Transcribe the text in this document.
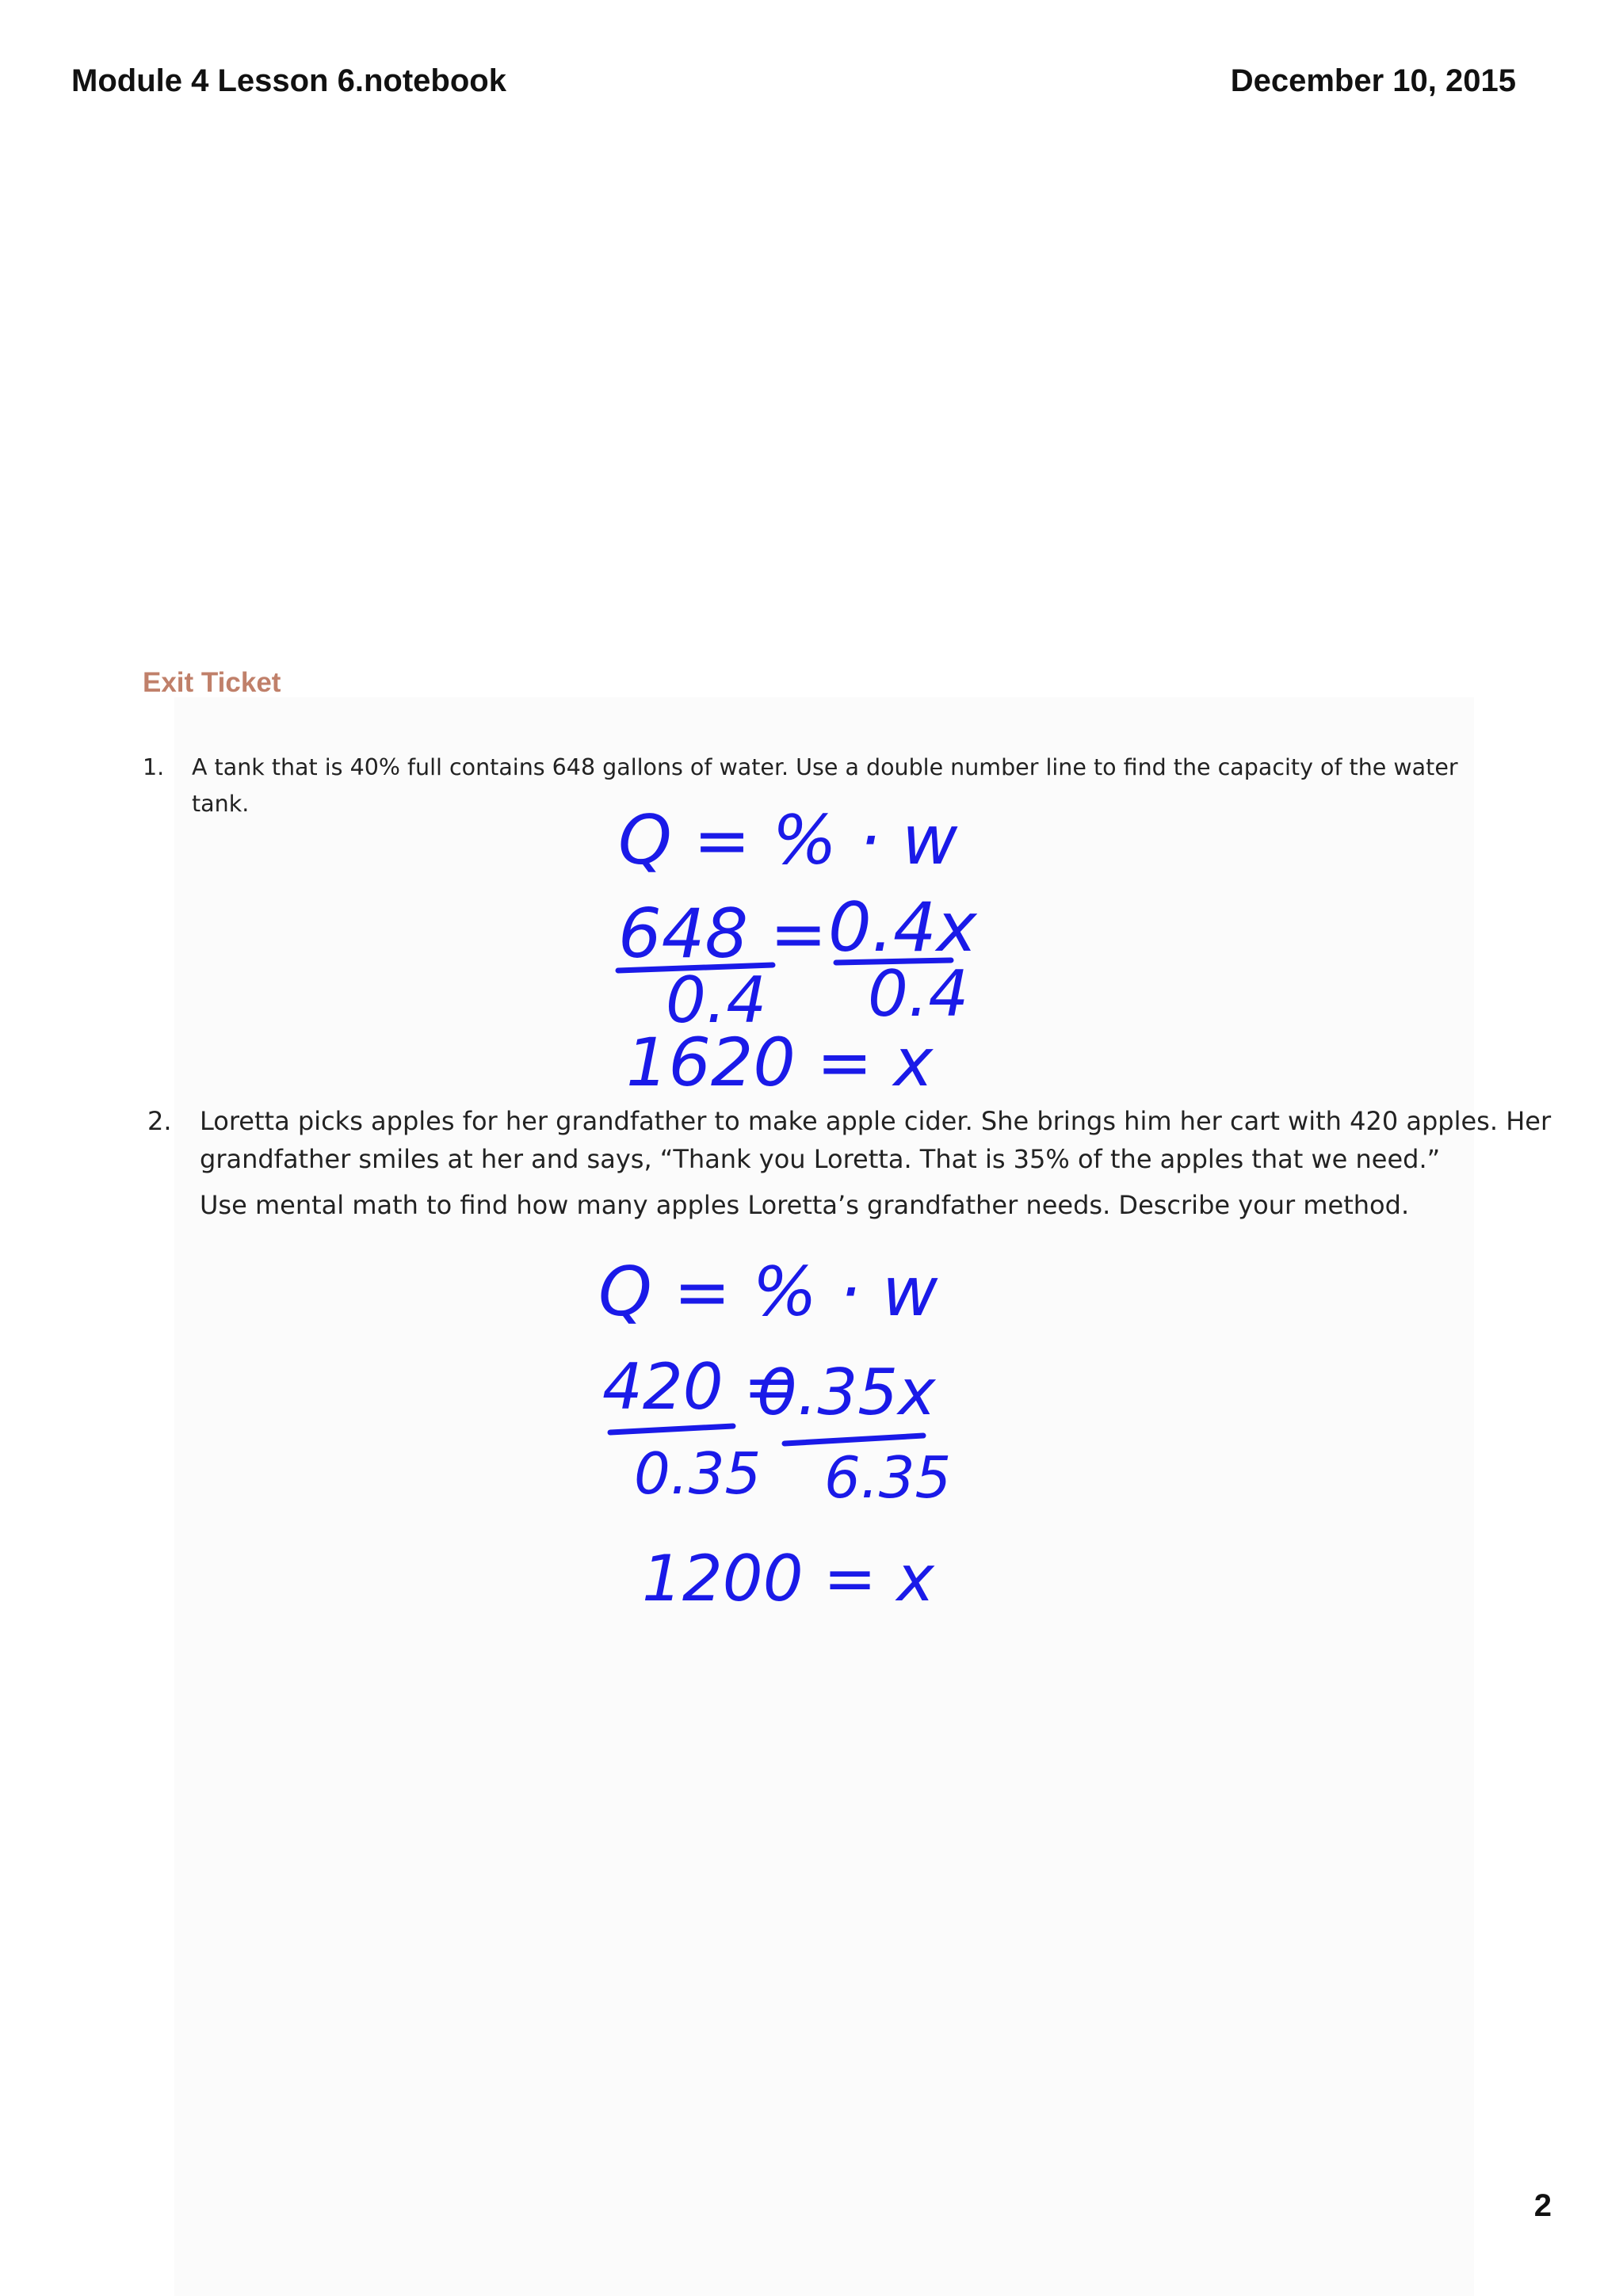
Module 4 Lesson 6.notebook	December 10, 2015
Exit Ticket
1. A tank that is 40% full contains 648 gallons of water. Use a double number line to find the capacity of the water
tank.
2. Loretta picks apples for her grandfather to make apple cider. She brings him her cart with 420 apples. Her
grandfather smiles at her and says, “Thank you Loretta. That is 35% of the apples that we need.”
Use mental math to find how many apples Loretta’s grandfather needs. Describe your method.
Q = % · w
648 = 0.4x
0.4 0.4
1620 = x
Q = % · w
420 =
0.35x
0.35 6.35
1200 = x
2
